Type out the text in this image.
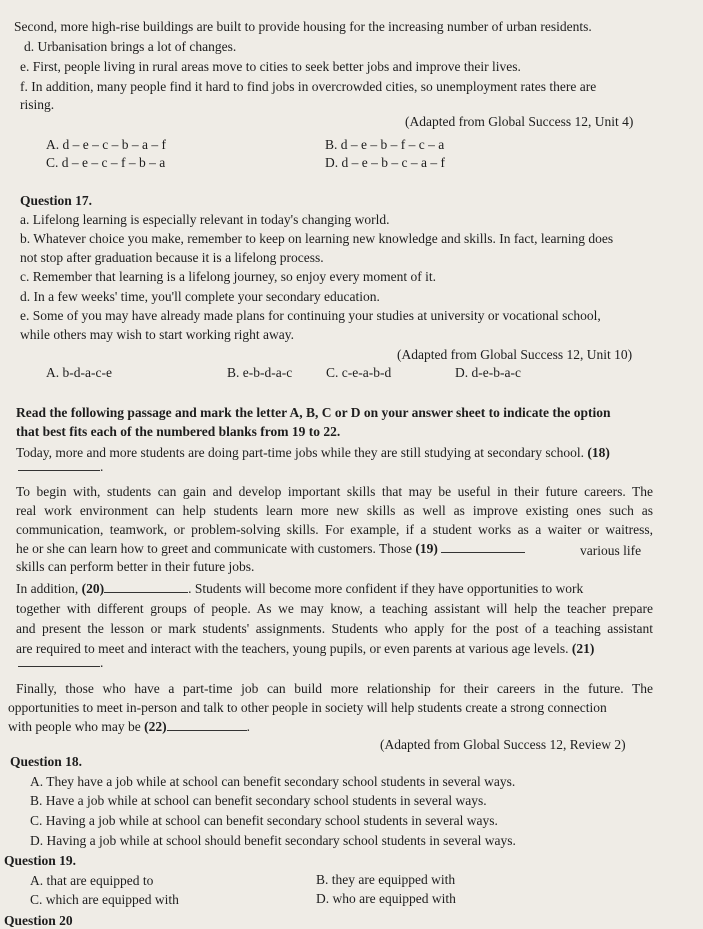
Second, more high-rise buildings are built to provide housing for the increasing number of urban residents.
d. Urbanisation brings a lot of changes.
e. First, people living in rural areas move to cities to seek better jobs and improve their lives.
f. In addition, many people find it hard to find jobs in overcrowded cities, so unemployment rates there are
rising.
(Adapted from Global Success 12, Unit 4)
A. d – e – c – b – a – f	B. d – e – b – f – c – a
C. d – e – c – f – b – a	D. d – e – b – c – a – f
Question 17.
a. Lifelong learning is especially relevant in today's changing world.
b. Whatever choice you make, remember to keep on learning new knowledge and skills. In fact, learning does
not stop after graduation because it is a lifelong process.
c. Remember that learning is a lifelong journey, so enjoy every moment of it.
d. In a few weeks' time, you'll complete your secondary education.
e. Some of you may have already made plans for continuing your studies at university or vocational school,
while others may wish to start working right away.
(Adapted from Global Success 12, Unit 10)
A. b-d-a-c-e	B. e-b-d-a-c	C. c-e-a-b-d	D. d-e-b-a-c
Read the following passage and mark the letter A, B, C or D on your answer sheet to indicate the option
that best fits each of the numbered blanks from 19 to 22.
Today, more and more students are doing part-time jobs while they are still studying at secondary school. (18)
.
To begin with, students can gain and develop important skills that may be useful in their future careers. The
real work environment can help students learn more new skills as well as improve existing ones such as
communication, teamwork, or problem-solving skills. For example, if a student works as a waiter or waitress,
he or she can learn how to greet and communicate with customers. Those (19)	various life
skills can perform better in their future jobs.
In addition, (20)	. Students will become more confident if they have opportunities to work
together with different groups of people. As we may know, a teaching assistant will help the teacher prepare
and present the lesson or mark students' assignments. Students who apply for the post of a teaching assistant
are required to meet and interact with the teachers, young pupils, or even parents at various age levels. (21)
.
Finally, those who have a part-time job can build more relationship for their careers in the future. The
opportunities to meet in-person and talk to other people in society will help students create a strong connection
with people who may be (22)	.
(Adapted from Global Success 12, Review 2)
Question 18.
A. They have a job while at school can benefit secondary school students in several ways.
B. Have a job while at school can benefit secondary school students in several ways.
C. Having a job while at school can benefit secondary school students in several ways.
D. Having a job while at school should benefit secondary school students in several ways.
Question 19.
A. that are equipped to	B. they are equipped with
C. which are equipped with	D. who are equipped with
Question 20
